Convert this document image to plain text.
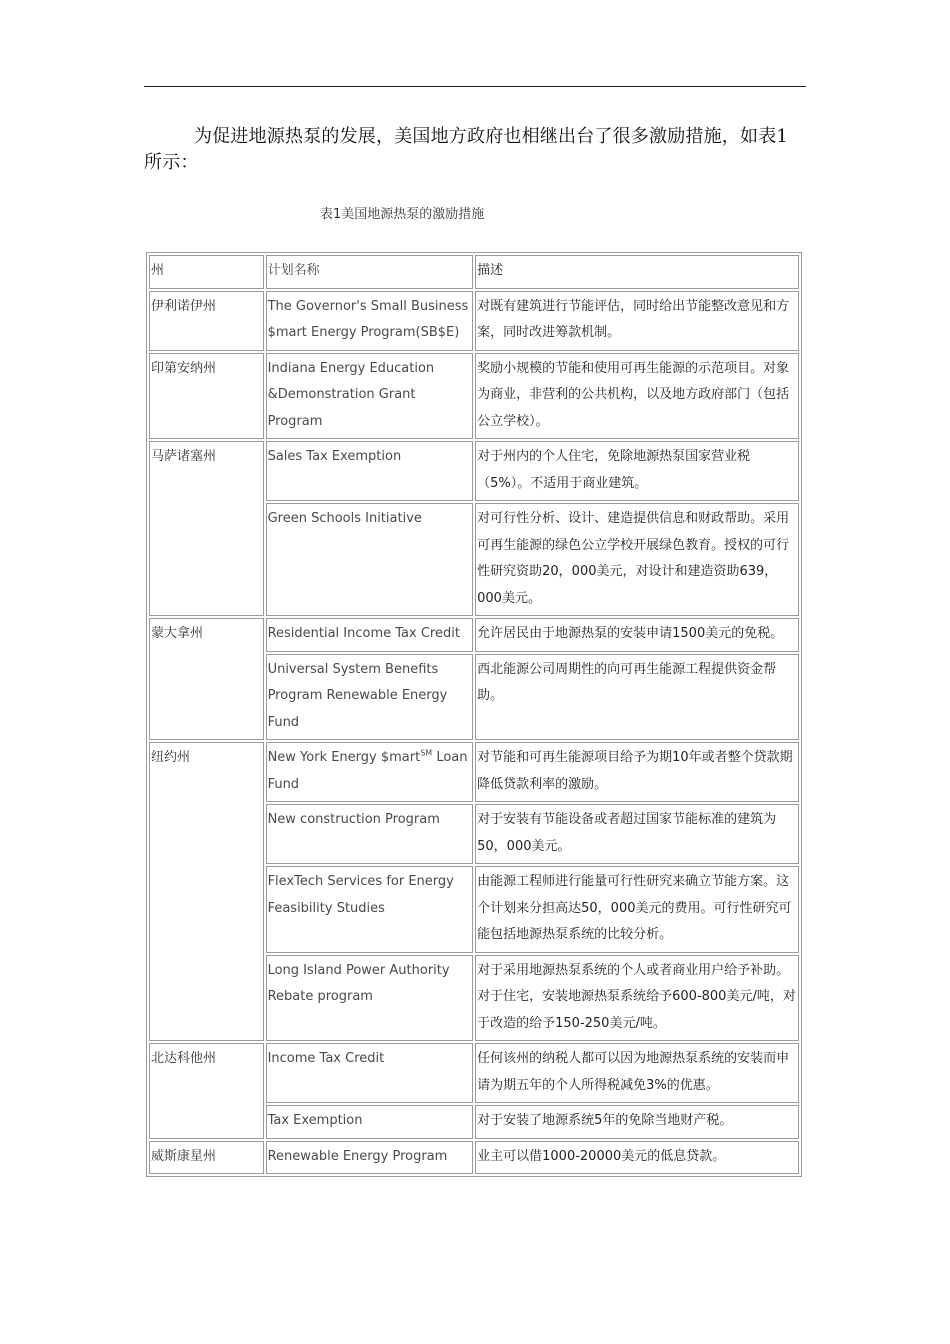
为促进地源热泵的发展，美国地方政府也相继出台了很多激励措施，如表1所示：

表1美国地源热泵的激励措施
州	计划名称	描述
伊利诺伊州	The Governor's Small Business $mart Energy Program(SB$E)	对既有建筑进行节能评估，同时给出节能整改意见和方案，同时改进筹款机制。
印第安纳州	Indiana Energy Education &Demonstration Grant Program	奖励小规模的节能和使用可再生能源的示范项目。对象为商业，非营利的公共机构，以及地方政府部门（包括公立学校）。
马萨诸塞州	Sales Tax Exemption	对于州内的个人住宅，免除地源热泵国家营业税（5%）。不适用于商业建筑。
	Green Schools Initiative	对可行性分析、设计、建造提供信息和财政帮助。采用可再生能源的绿色公立学校开展绿色教育。授权的可行性研究资助20，000美元，对设计和建造资助639，000美元。
蒙大拿州	Residential Income Tax Credit	允许居民由于地源热泵的安装申请1500美元的免税。
	Universal System Benefits Program Renewable Energy Fund	西北能源公司周期性的向可再生能源工程提供资金帮助。
纽约州	New York Energy $mart℠ Loan Fund	对节能和可再生能源项目给予为期10年或者整个贷款期降低贷款利率的激励。
	New construction Program	对于安装有节能设备或者超过国家节能标准的建筑为50，000美元。
	FlexTech Services for Energy Feasibility Studies	由能源工程师进行能量可行性研究来确立节能方案。这个计划来分担高达50，000美元的费用。可行性研究可能包括地源热泵系统的比较分析。
	Long Island Power Authority Rebate program	对于采用地源热泵系统的个人或者商业用户给予补助。对于住宅，安装地源热泵系统给予600-800美元/吨，对于改造的给予150-250美元/吨。
北达科他州	Income Tax Credit	任何该州的纳税人都可以因为地源热泵系统的安装而申请为期五年的个人所得税减免3%的优惠。
	Tax Exemption	对于安装了地源系统5年的免除当地财产税。
威斯康星州	Renewable Energy Program	业主可以借1000-20000美元的低息贷款。
